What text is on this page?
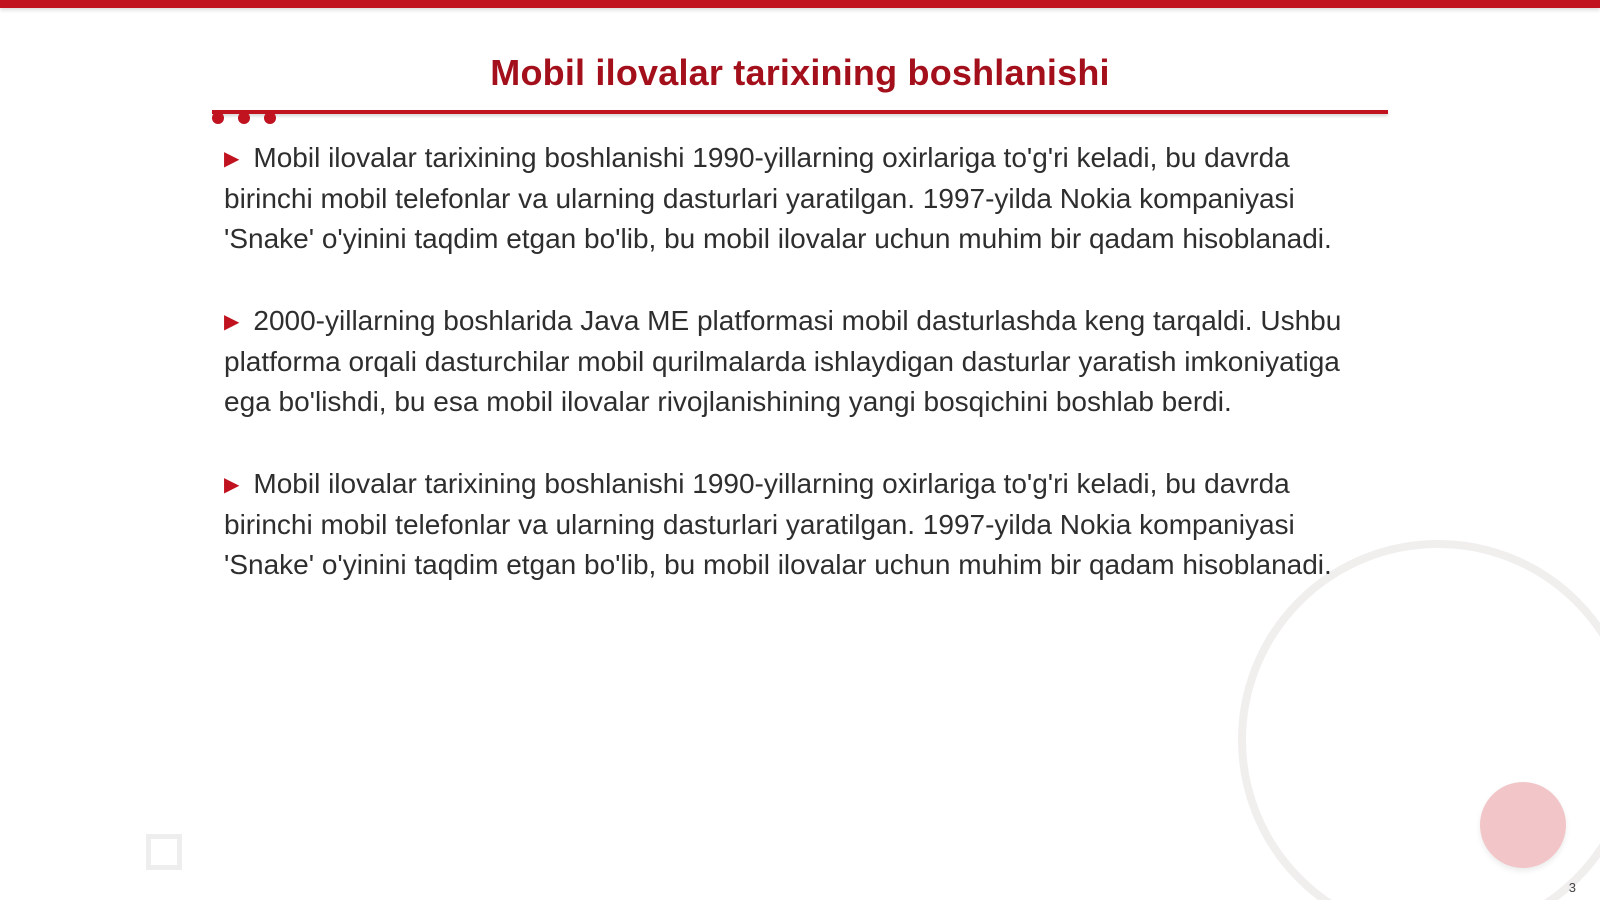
Mobil ilovalar tarixining boshlanishi

▶ Mobil ilovalar tarixining boshlanishi 1990-yillarning oxirlariga to'g'ri keladi, bu davrda birinchi mobil telefonlar va ularning dasturlari yaratilgan. 1997-yilda Nokia kompaniyasi 'Snake' o'yinini taqdim etgan bo'lib, bu mobil ilovalar uchun muhim bir qadam hisoblanadi.

▶ 2000-yillarning boshlarida Java ME platformasi mobil dasturlashda keng tarqaldi. Ushbu platforma orqali dasturchilar mobil qurilmalarda ishlaydigan dasturlar yaratish imkoniyatiga ega bo'lishdi, bu esa mobil ilovalar rivojlanishining yangi bosqichini boshlab berdi.

▶ Mobil ilovalar tarixining boshlanishi 1990-yillarning oxirlariga to'g'ri keladi, bu davrda birinchi mobil telefonlar va ularning dasturlari yaratilgan. 1997-yilda Nokia kompaniyasi 'Snake' o'yinini taqdim etgan bo'lib, bu mobil ilovalar uchun muhim bir qadam hisoblanadi.

3
